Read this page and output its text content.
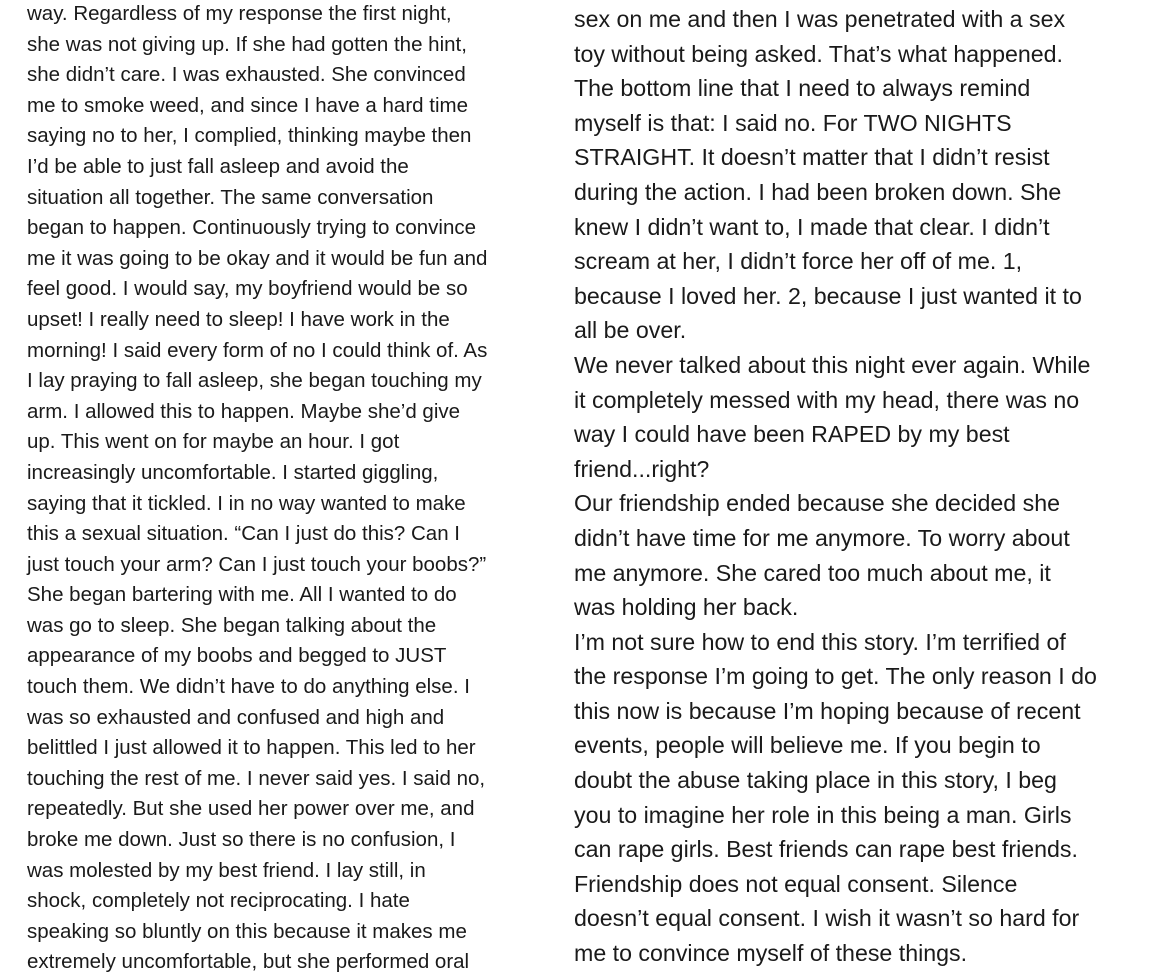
way. Regardless of my response the first night,
she was not giving up. If she had gotten the hint,
she didn’t care. I was exhausted. She convinced
me to smoke weed, and since I have a hard time
saying no to her, I complied, thinking maybe then
I’d be able to just fall asleep and avoid the
situation all together. The same conversation
began to happen. Continuously trying to convince
me it was going to be okay and it would be fun and
feel good. I would say, my boyfriend would be so
upset! I really need to sleep! I have work in the
morning! I said every form of no I could think of. As
I lay praying to fall asleep, she began touching my
arm. I allowed this to happen. Maybe she’d give
up. This went on for maybe an hour. I got
increasingly uncomfortable. I started giggling,
saying that it tickled. I in no way wanted to make
this a sexual situation. “Can I just do this? Can I
just touch your arm? Can I just touch your boobs?”
She began bartering with me. All I wanted to do
was go to sleep. She began talking about the
appearance of my boobs and begged to JUST
touch them. We didn’t have to do anything else. I
was so exhausted and confused and high and
belittled I just allowed it to happen. This led to her
touching the rest of me. I never said yes. I said no,
repeatedly. But she used her power over me, and
broke me down. Just so there is no confusion, I
was molested by my best friend. I lay still, in
shock, completely not reciprocating. I hate
speaking so bluntly on this because it makes me
extremely uncomfortable, but she performed oral
sex on me and then I was penetrated with a sex
toy without being asked. That’s what happened.
The bottom line that I need to always remind
myself is that: I said no. For TWO NIGHTS
STRAIGHT. It doesn’t matter that I didn’t resist
during the action. I had been broken down. She
knew I didn’t want to, I made that clear. I didn’t
scream at her, I didn’t force her off of me. 1,
because I loved her. 2, because I just wanted it to
all be over.
We never talked about this night ever again. While
it completely messed with my head, there was no
way I could have been RAPED by my best
friend...right?
Our friendship ended because she decided she
didn’t have time for me anymore. To worry about
me anymore. She cared too much about me, it
was holding her back.
I’m not sure how to end this story. I’m terrified of
the response I’m going to get. The only reason I do
this now is because I’m hoping because of recent
events, people will believe me. If you begin to
doubt the abuse taking place in this story, I beg
you to imagine her role in this being a man. Girls
can rape girls. Best friends can rape best friends.
Friendship does not equal consent. Silence
doesn’t equal consent. I wish it wasn’t so hard for
me to convince myself of these things.
